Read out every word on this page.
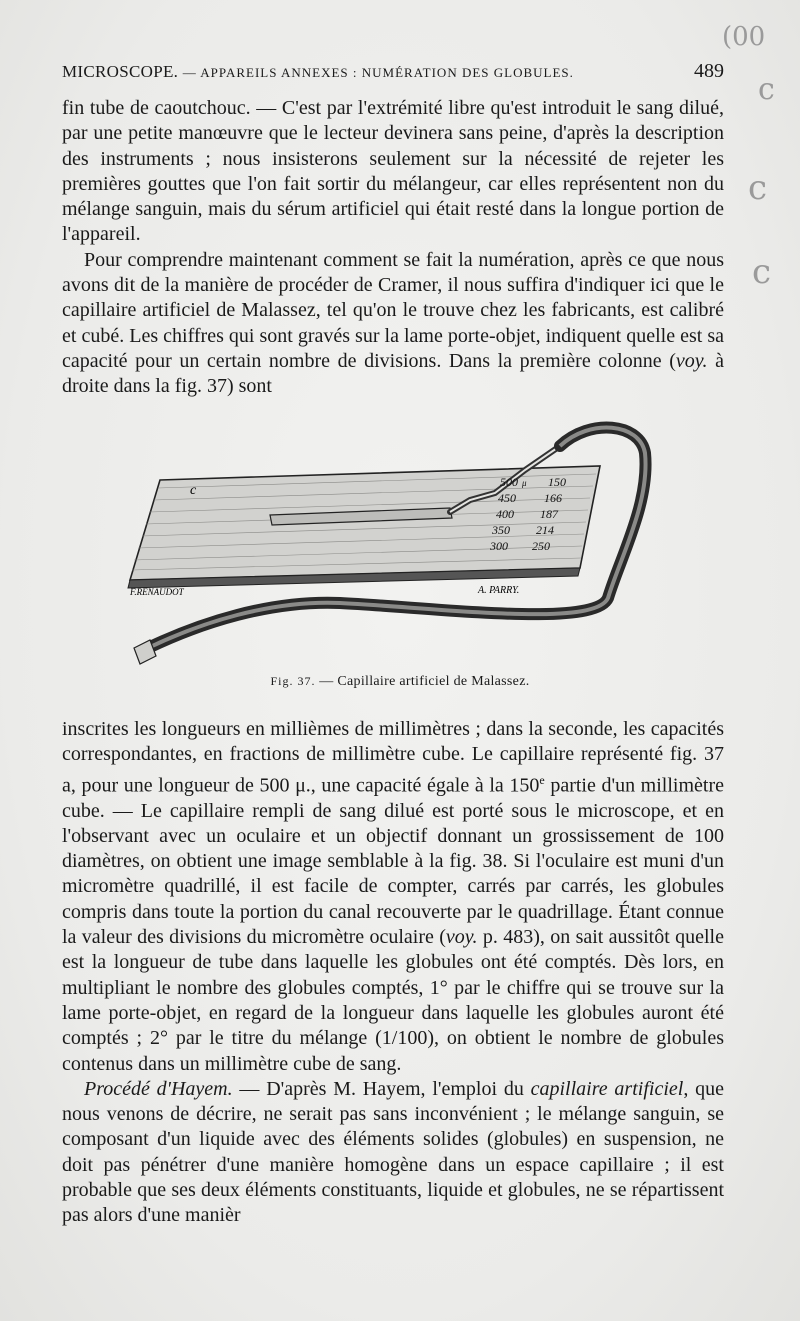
MICROSCOPE. — APPAREILS ANNEXES : NUMÉRATION DES GLOBULES.	489
(00
c
c
c

fin tube de caoutchouc. — C'est par l'extrémité libre qu'est introduit le sang dilué, par une petite manœuvre que le lecteur devinera sans peine, d'après la description des instruments ; nous insisterons seulement sur la nécessité de rejeter les premières gouttes que l'on fait sortir du mélangeur, car elles représentent non du mélange sanguin, mais du sérum artificiel qui était resté dans la longue portion de l'appareil.

Pour comprendre maintenant comment se fait la numération, après ce que nous avons dit de la manière de procéder de Cramer, il nous suffira d'indiquer ici que le capillaire artificiel de Malassez, tel qu'on le trouve chez les fabricants, est calibré et cubé. Les chiffres qui sont gravés sur la lame porte-objet, indiquent quelle est sa capacité pour un certain nombre de divisions. Dans la première colonne (voy. à droite dans la fig. 37) sont

c
500 μ 150
450 166
400 187
350 214
300 250
F.RENAUDOT	A. PARRY.
Fig. 37. — Capillaire artificiel de Malassez.

inscrites les longueurs en millièmes de millimètres ; dans la seconde, les capacités correspondantes, en fractions de millimètre cube. Le capillaire représenté fig. 37 a, pour une longueur de 500 μ., une capacité égale à la 150e partie d'un millimètre cube. — Le capillaire rempli de sang dilué est porté sous le microscope, et en l'observant avec un oculaire et un objectif donnant un grossissement de 100 diamètres, on obtient une image semblable à la fig. 38. Si l'oculaire est muni d'un micromètre quadrillé, il est facile de compter, carrés par carrés, les globules compris dans toute la portion du canal recouverte par le quadrillage. Étant connue la valeur des divisions du micromètre oculaire (voy. p. 483), on sait aussitôt quelle est la longueur de tube dans laquelle les globules ont été comptés. Dès lors, en multipliant le nombre des globules comptés, 1° par le chiffre qui se trouve sur la lame porte-objet, en regard de la longueur dans laquelle les globules auront été comptés ; 2° par le titre du mélange (1/100), on obtient le nombre de globules contenus dans un millimètre cube de sang.

Procédé d'Hayem. — D'après M. Hayem, l'emploi du capillaire artificiel, que nous venons de décrire, ne serait pas sans inconvénient ; le mélange sanguin, se composant d'un liquide avec des éléments solides (globules) en suspension, ne doit pas pénétrer d'une manière homogène dans un espace capillaire ; il est probable que ses deux éléments constituants, liquide et globules, ne se répartissent pas alors d'une manièr
